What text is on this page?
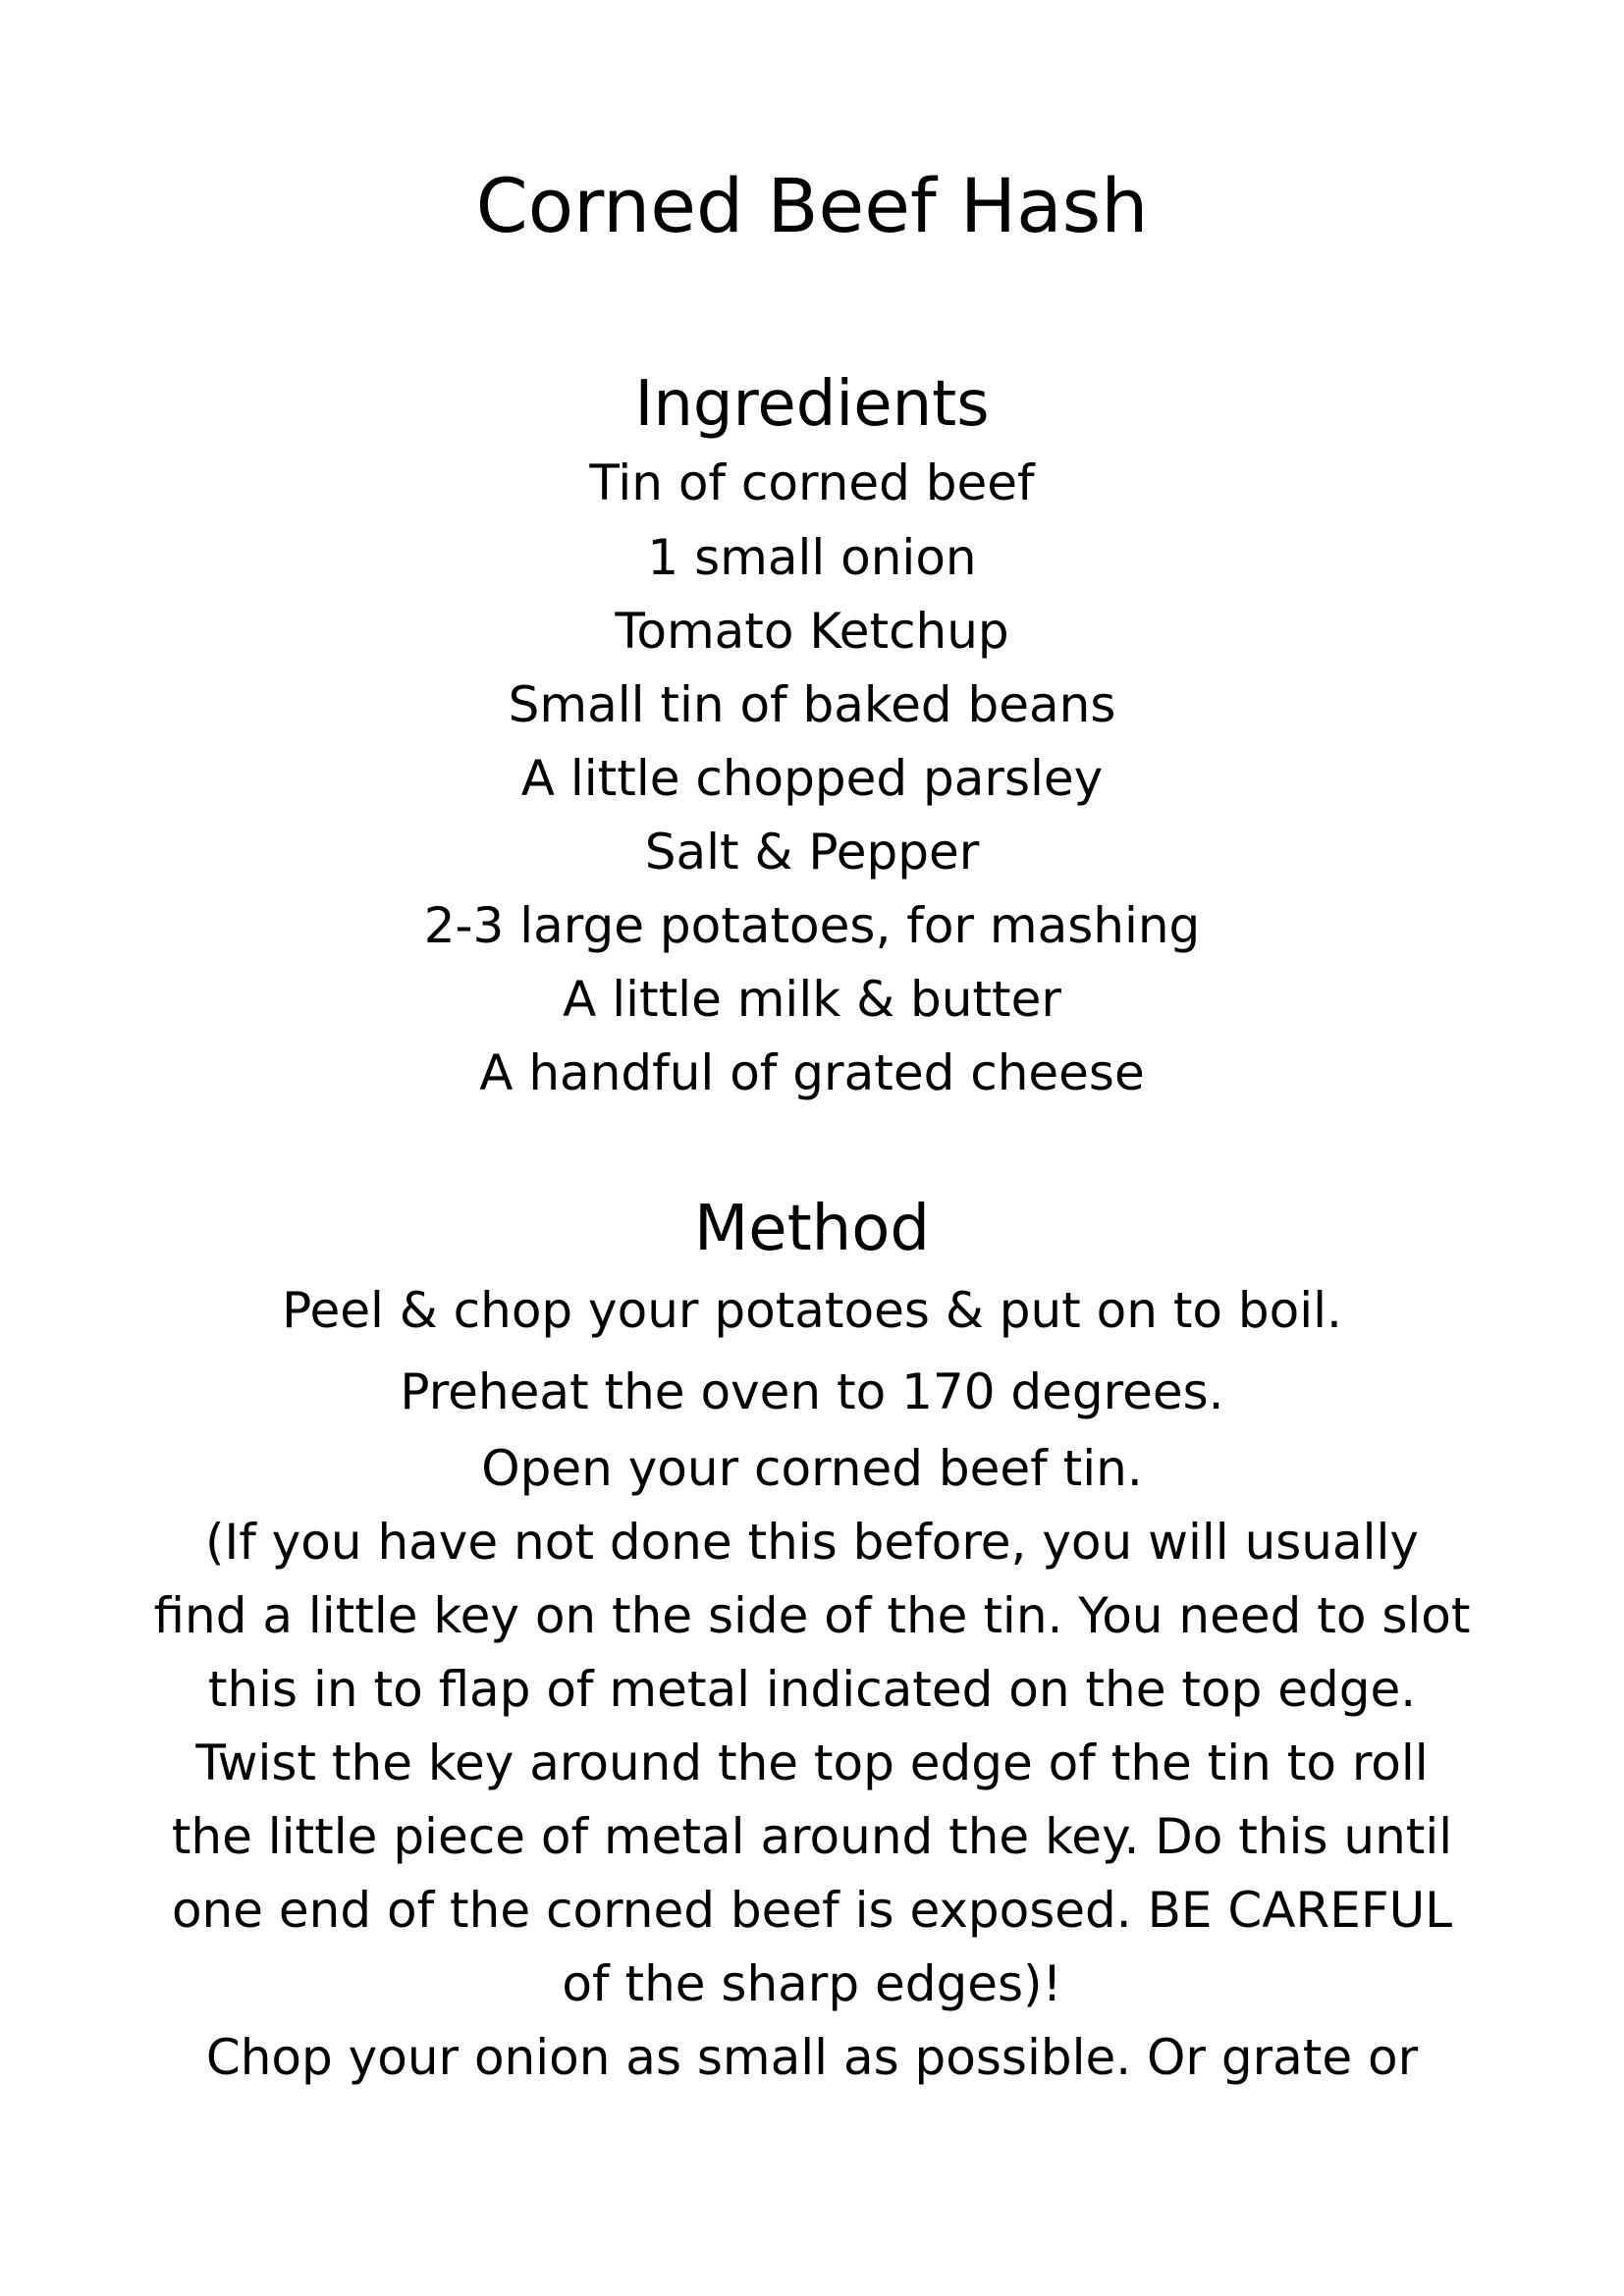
Corned Beef Hash
Ingredients
Tin of corned beef
1 small onion
Tomato Ketchup
Small tin of baked beans
A little chopped parsley
Salt & Pepper
2-3 large potatoes, for mashing
A little milk & butter
A handful of grated cheese
Method
Peel & chop your potatoes & put on to boil.
Preheat the oven to 170 degrees.
Open your corned beef tin.
(If you have not done this before, you will usually
find a little key on the side of the tin. You need to slot
this in to flap of metal indicated on the top edge.
Twist the key around the top edge of the tin to roll
the little piece of metal around the key. Do this until
one end of the corned beef is exposed. BE CAREFUL
of the sharp edges)!
Chop your onion as small as possible. Or grate or
